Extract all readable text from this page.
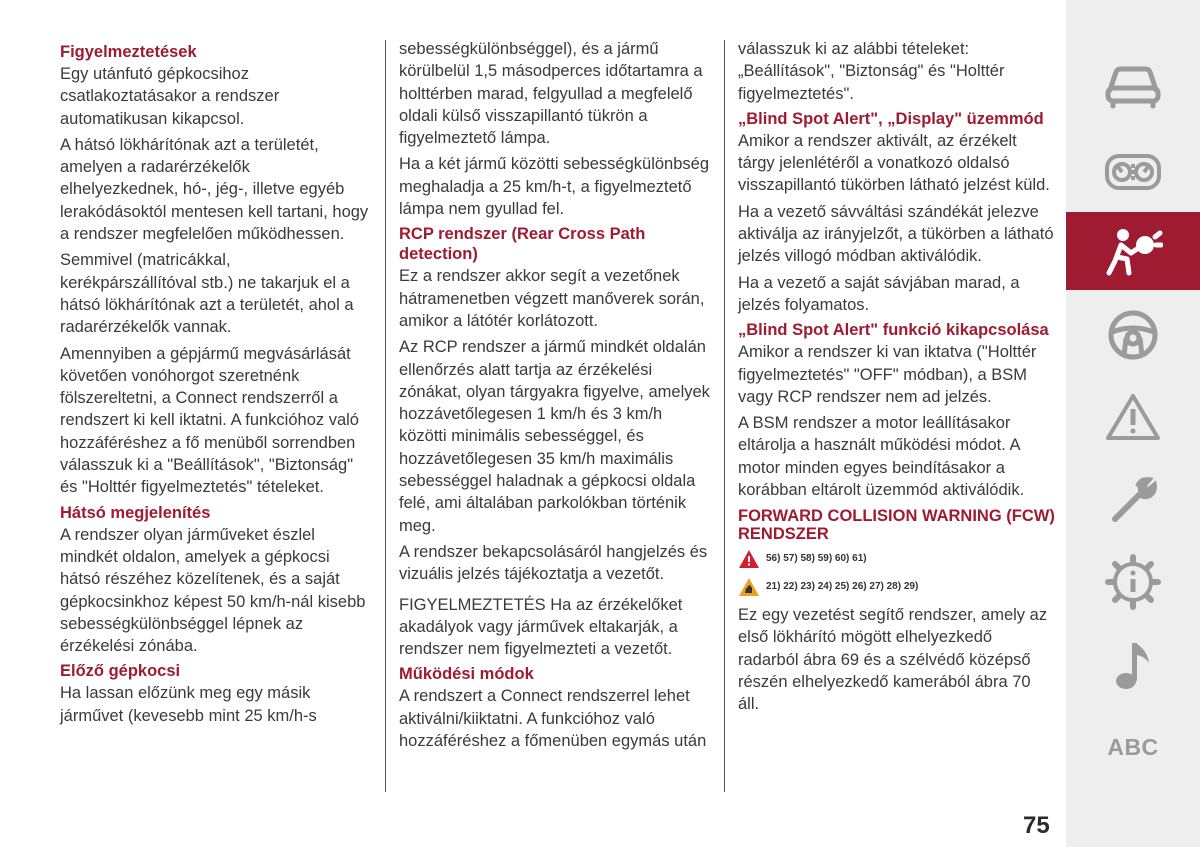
Figyelmeztetések

Egy utánfutó gépkocsihoz csatlakoztatásakor a rendszer automatikusan kikapcsol.

A hátsó lökhárítónak azt a területét, amelyen a radarérzékelők elhelyezkednek, hó-, jég-, illetve egyéb lerakódásoktól mentesen kell tartani, hogy a rendszer megfelelően működhessen.

Semmivel (matricákkal, kerékpárszállítóval stb.) ne takarjuk el a hátsó lökhárítónak azt a területét, ahol a radarérzékelők vannak.

Amennyiben a gépjármű megvásárlását követően vonóhorgot szeretnénk fölszereltetni, a Connect rendszerről a rendszert ki kell iktatni. A funkcióhoz való hozzáféréshez a fő menüből sorrendben válasszuk ki a "Beállítások", "Biztonság" és "Holttér figyelmeztetés" tételeket.

Hátsó megjelenítés

A rendszer olyan járműveket észlel mindkét oldalon, amelyek a gépkocsi hátsó részéhez közelítenek, és a saját gépkocsinkhoz képest 50 km/h-nál kisebb sebességkülönbséggel lépnek az érzékelési zónába.

Előző gépkocsi

Ha lassan előzünk meg egy másik járművet (kevesebb mint 25 km/h-s

sebességkülönbséggel), és a jármű körülbelül 1,5 másodperces időtartamra a holttérben marad, felgyullad a megfelelő oldali külső visszapillantó tükrön a figyelmeztető lámpa.

Ha a két jármű közötti sebességkülönbség meghaladja a 25 km/h-t, a figyelmeztető lámpa nem gyullad fel.

RCP rendszer (Rear Cross Path detection)

Ez a rendszer akkor segít a vezetőnek hátramenetben végzett manőverek során, amikor a látótér korlátozott.

Az RCP rendszer a jármű mindkét oldalán ellenőrzés alatt tartja az érzékelési zónákat, olyan tárgyakra figyelve, amelyek hozzávetőlegesen 1 km/h és 3 km/h közötti minimális sebességgel, és hozzávetőlegesen 35 km/h maximális sebességgel haladnak a gépkocsi oldala felé, ami általában parkolókban történik meg.

A rendszer bekapcsolásáról hangjelzés és vizuális jelzés tájékoztatja a vezetőt.

FIGYELMEZTETÉS Ha az érzékelőket akadályok vagy járművek eltakarják, a rendszer nem figyelmezteti a vezetőt.

Működési módok

A rendszert a Connect rendszerrel lehet aktiválni/kiiktatni. A funkcióhoz való hozzáféréshez a főmenüben egymás után

válasszuk ki az alábbi tételeket: „Beállítások", "Biztonság" és "Holttér figyelmeztetés".

„Blind Spot Alert", „Display" üzemmód

Amikor a rendszer aktivált, az érzékelt tárgy jelenlétéről a vonatkozó oldalsó visszapillantó tükörben látható jelzést küld.

Ha a vezető sávváltási szándékát jelezve aktiválja az irányjelzőt, a tükörben a látható jelzés villogó módban aktiválódik.

Ha a vezető a saját sávjában marad, a jelzés folyamatos.

„Blind Spot Alert" funkció kikapcsolása

Amikor a rendszer ki van iktatva ("Holttér figyelmeztetés" "OFF" módban), a BSM vagy RCP rendszer nem ad jelzés.

A BSM rendszer a motor leállításakor eltárolja a használt működési módot. A motor minden egyes beindításakor a korábban eltárolt üzemmód aktiválódik.

FORWARD COLLISION WARNING (FCW) RENDSZER
56) 57) 58) 59) 60) 61)
21) 22) 23) 24) 25) 26) 27) 28) 29)

Ez egy vezetést segítő rendszer, amely az első lökhárító mögött elhelyezkedő radarból ábra 69 és a szélvédő középső részén elhelyezkedő kamerából ábra 70 áll.

ABC
75
